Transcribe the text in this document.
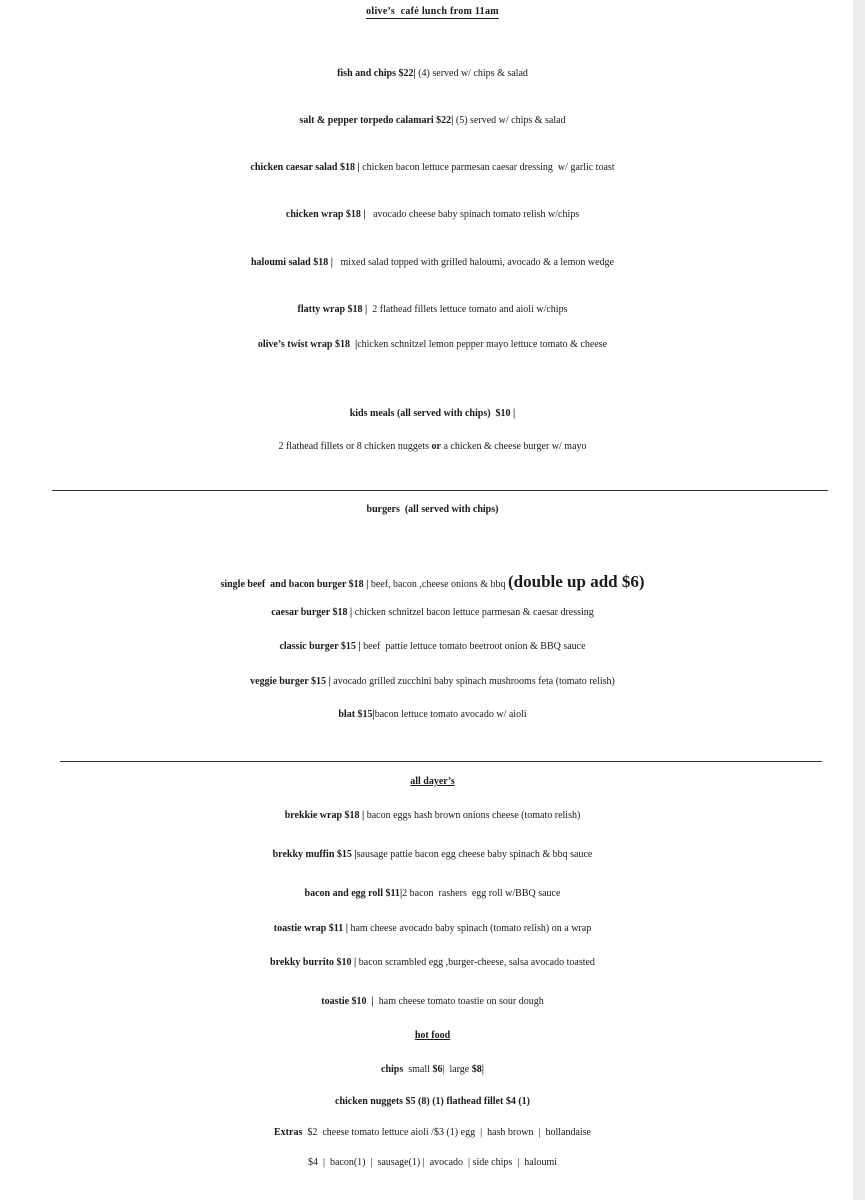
olive’s  café lunch from 11am
fish and chips $22| (4) served w/ chips & salad
salt & pepper torpedo calamari $22| (5) served w/ chips & salad
chicken caesar salad $18 | chicken bacon lettuce parmesan caesar dressing  w/ garlic toast
chicken wrap $18 |   avocado cheese baby spinach tomato relish w/chips
haloumi salad $18 |   mixed salad topped with grilled haloumi, avocado & a lemon wedge
flatty wrap $18 |  2 flathead fillets lettuce tomato and aioli w/chips
olive’s twist wrap $18  |chicken schnitzel lemon pepper mayo lettuce tomato & cheese
kids meals (all served with chips)  $10 |
2 flathead fillets or 8 chicken nuggets or a chicken & cheese burger w/ mayo
burgers  (all served with chips)
single beef  and bacon burger $18 | beef, bacon ,cheese onions & bbq (double up add $6)
caesar burger $18 | chicken schnitzel bacon lettuce parmesan & caesar dressing
classic burger $15 | beef  pattie lettuce tomato beetroot onion & BBQ sauce
veggie burger $15 | avocado grilled zucchini baby spinach mushrooms feta (tomato relish)
blat $15|bacon lettuce tomato avocado w/ aioli
all dayer’s
brekkie wrap $18 | bacon eggs hash brown onions cheese (tomato relish)
brekky muffin $15 |sausage pattie bacon egg cheese baby spinach & bbq sauce
bacon and egg roll $11|2 bacon  rashers  egg roll w/BBQ sauce
toastie wrap $11 | ham cheese avocado baby spinach (tomato relish) on a wrap
brekky burrito $10 | bacon scrambled egg ,burger-cheese, salsa avocado toasted
toastie $10  |  ham cheese tomato toastie on sour dough
hot food
chips  small $6|  large $8|
chicken nuggets $5 (8) (1) flathead fillet $4 (1)
Extras  $2  cheese tomato lettuce aioli /$3 (1) egg  |  hash brown  |  hollandaise
$4  |  bacon(1)  |  sausage(1) |  avocado  | side chips  |  haloumi
